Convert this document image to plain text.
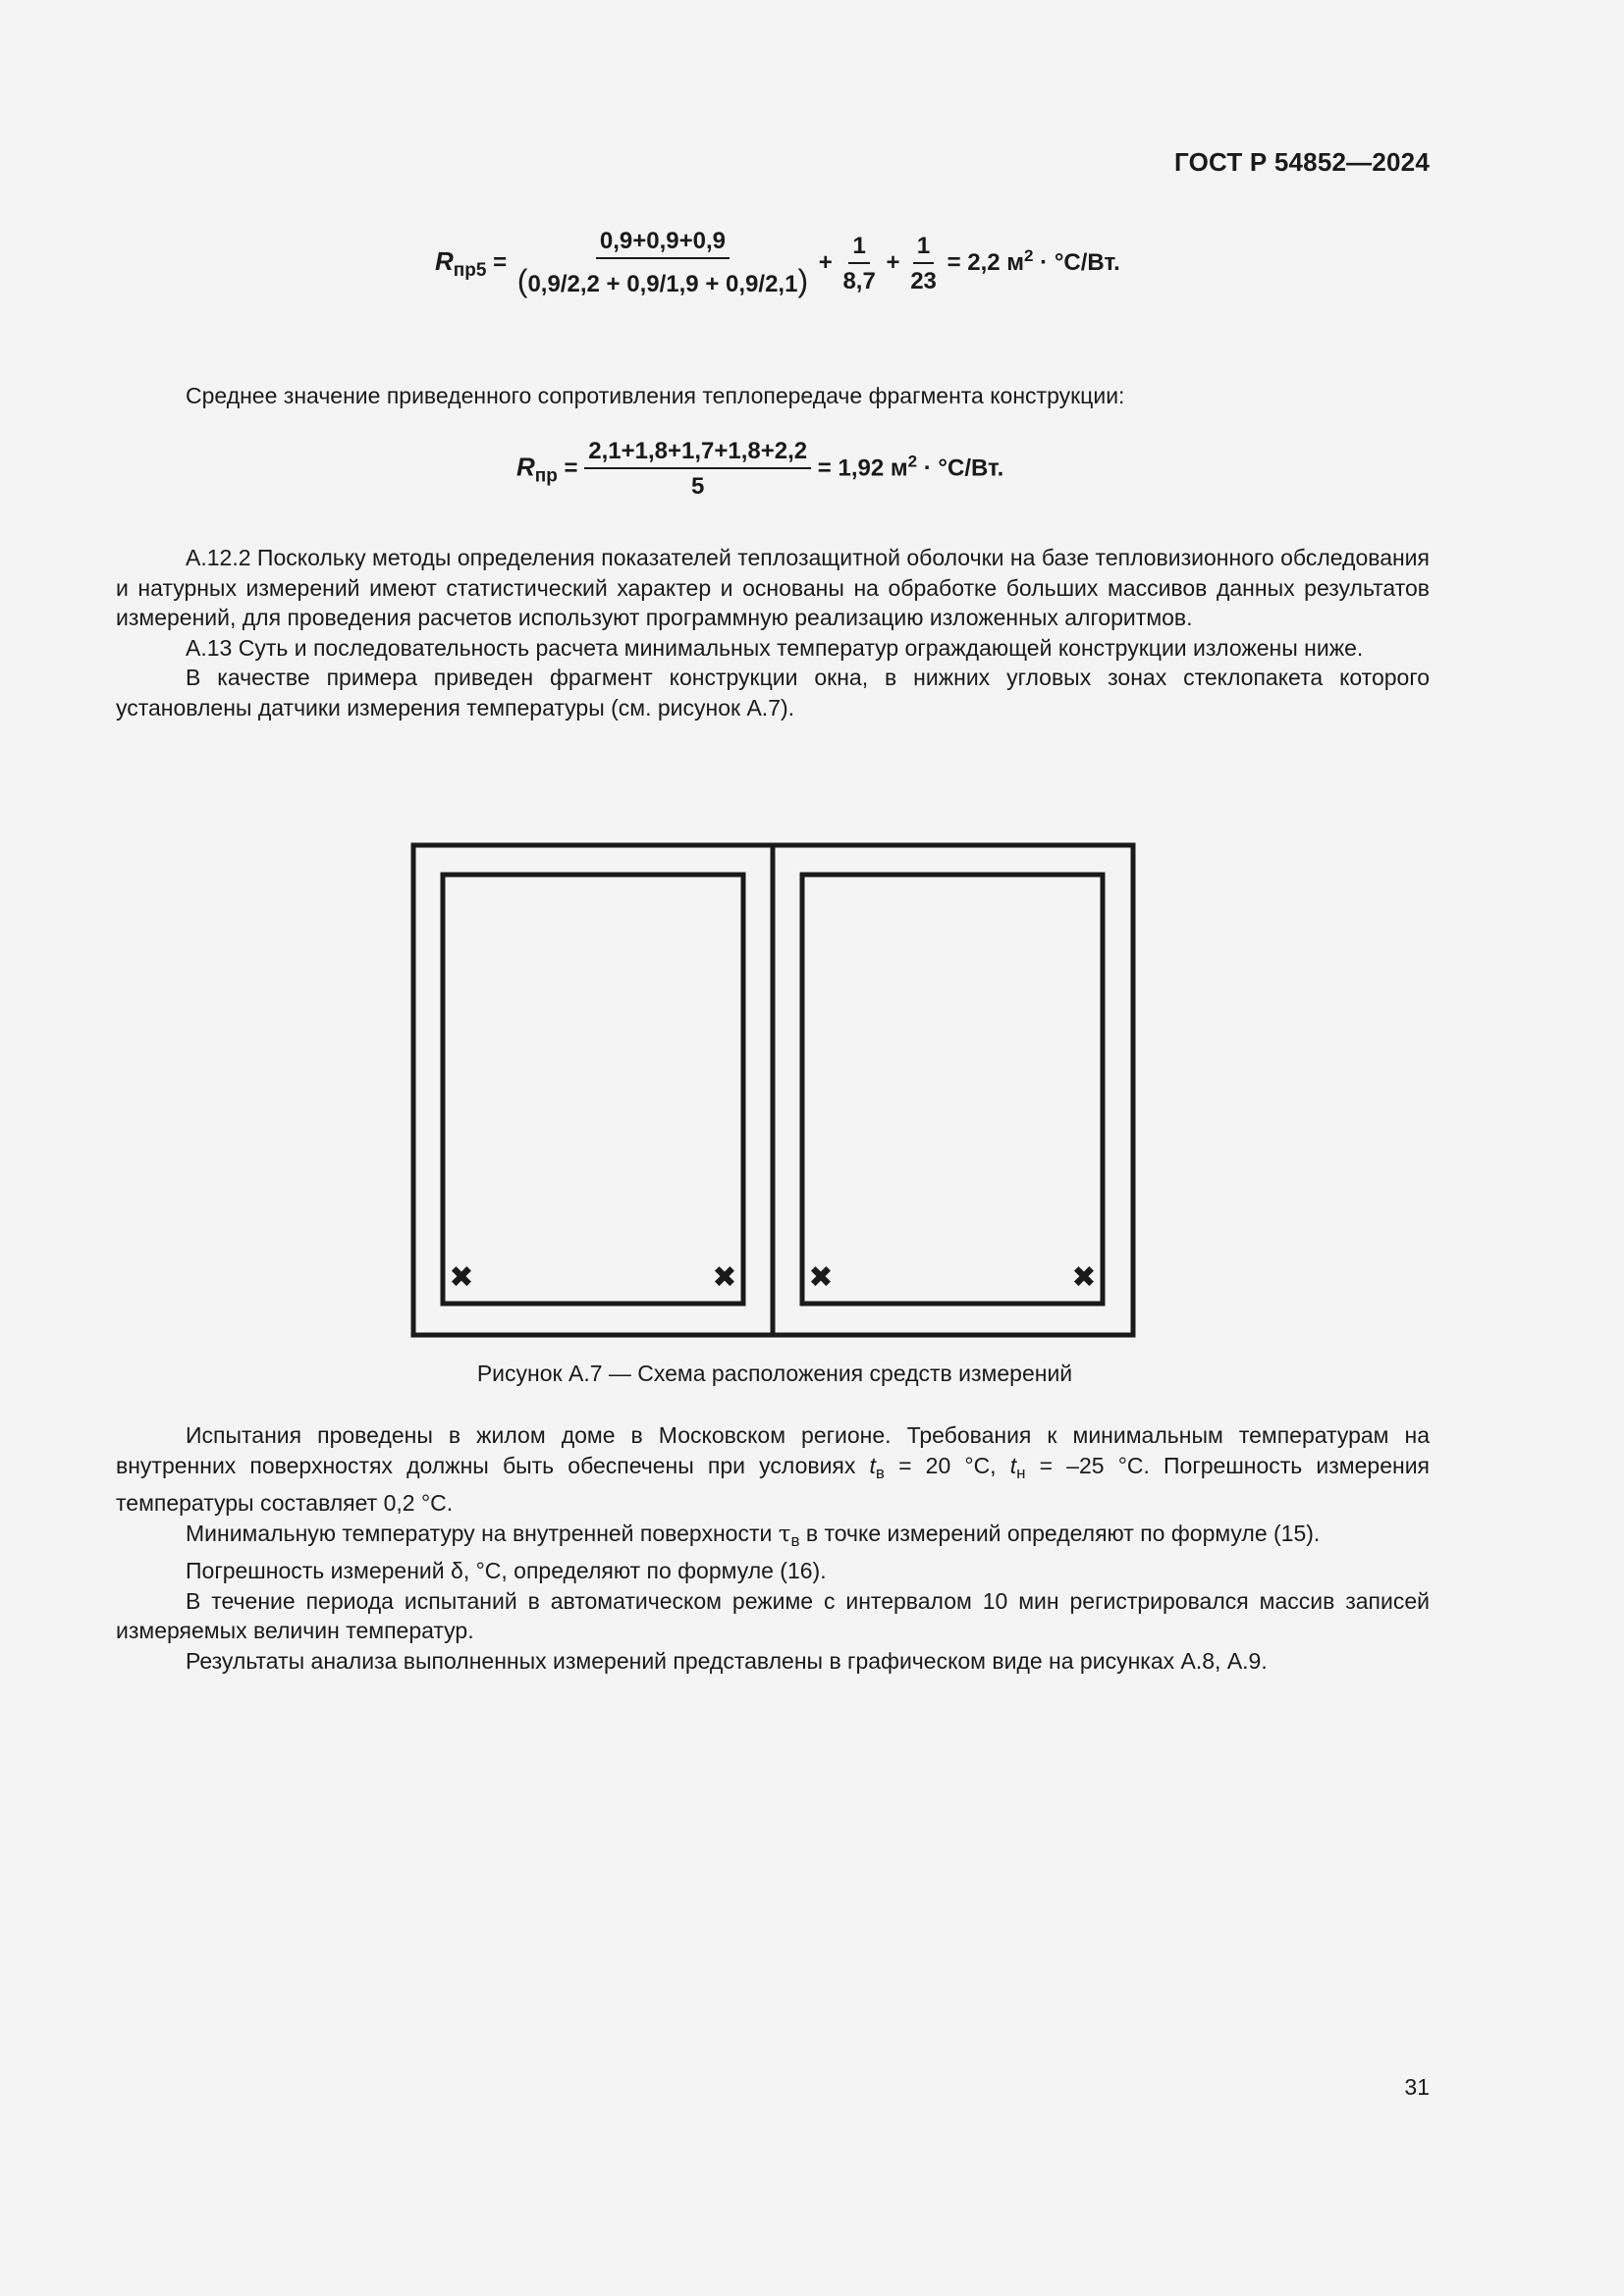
ГОСТ Р 54852—2024
$R_{пр5} = \frac{0,9+0,9+0,9}{(0,9/2,2 + 0,9/1,9 + 0,9/2,1)} + \frac{1}{8,7} + \frac{1}{23} = 2,2$ $м^2 \cdot ^\circ С/Вт$.

Среднее значение приведенного сопротивления теплопередаче фрагмента конструкции:

$R_{пр} = \frac{2,1+1,8+1,7+1,8+2,2}{5} = 1,92$ $м^2 \cdot ^\circ С/Вт$.

А.12.2 Поскольку методы определения показателей теплозащитной оболочки на базе тепловизионного обследования и натурных измерений имеют статистический характер и основаны на обработке больших массивов данных результатов измерений, для проведения расчетов используют программную реализацию изложенных алгоритмов.

А.13 Суть и последовательность расчета минимальных температур ограждающей конструкции изложены ниже.

В качестве примера приведен фрагмент конструкции окна, в нижних угловых зонах стеклопакета которого установлены датчики измерения температуры (см. рисунок А.7).

✖	✖ ✖	✖
Рисунок А.7 — Схема расположения средств измерений

Испытания проведены в жилом доме в Московском регионе. Требования к минимальным температурам на внутренних поверхностях должны быть обеспечены при условиях $t_в = 20$ °С, $t_н = -25$ °С. Погрешность измерения температуры составляет 0,2 °С.

Минимальную температуру на внутренней поверхности $\tau_в$ в точке измерений определяют по формуле (15).

Погрешность измерений δ, °С, определяют по формуле (16).

В течение периода испытаний в автоматическом режиме с интервалом 10 мин регистрировался массив записей измеряемых величин температур.

Результаты анализа выполненных измерений представлены в графическом виде на рисунках А.8, А.9.

31
